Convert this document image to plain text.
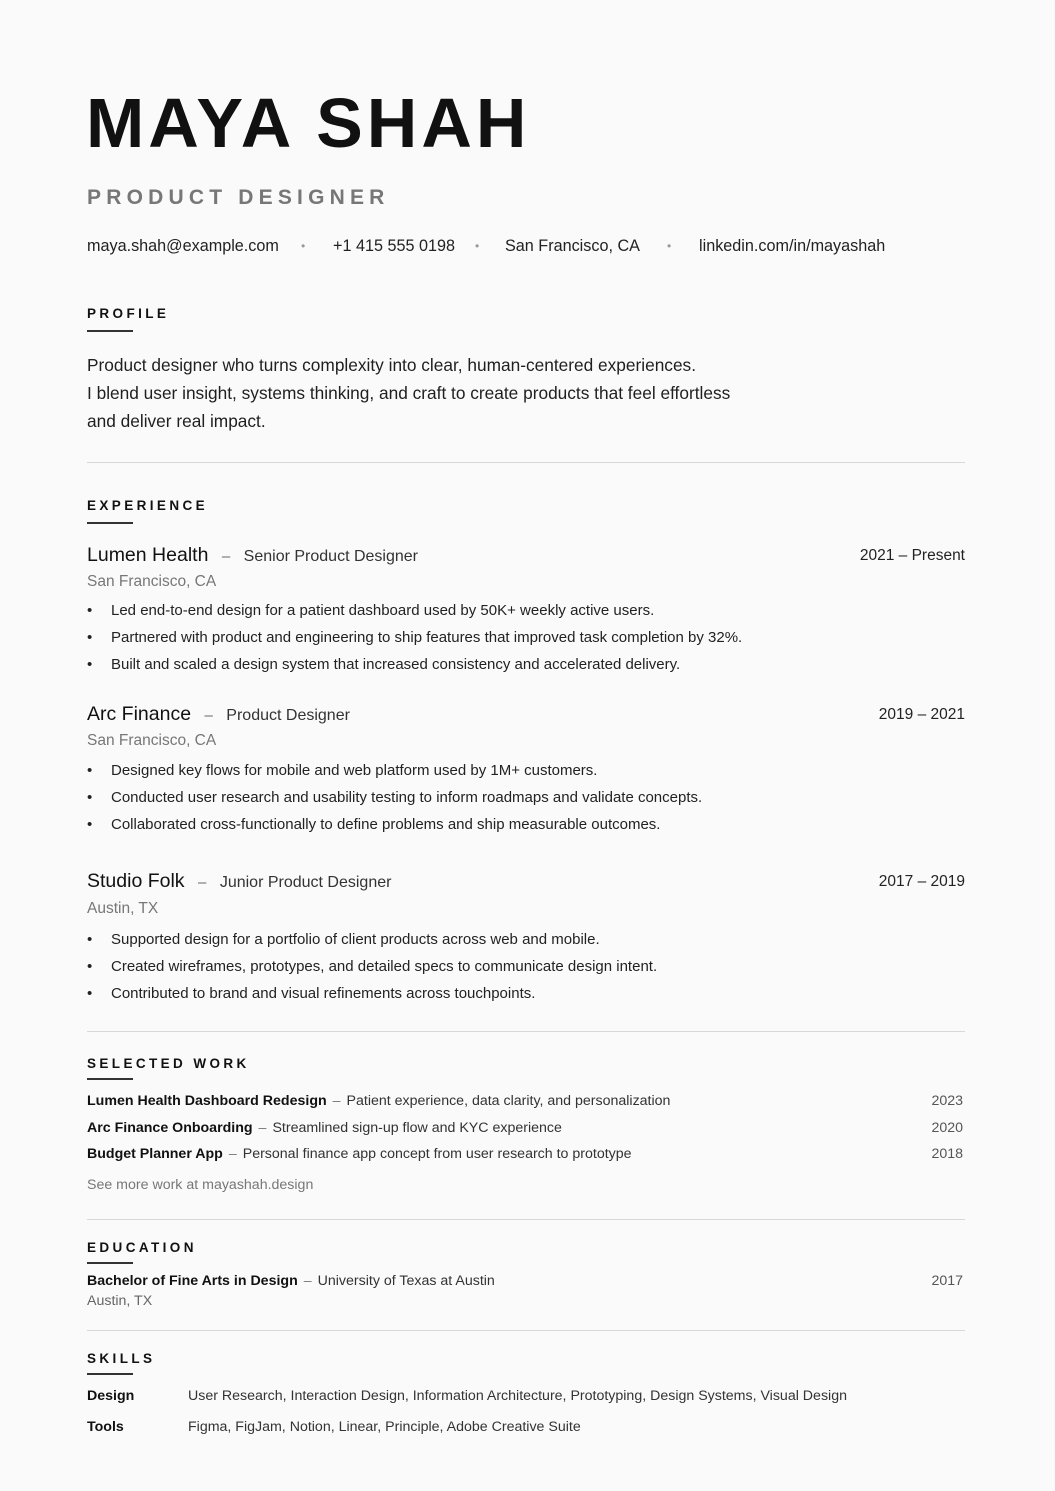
MAYA SHAH
PRODUCT DESIGNER
maya.shah@example.com • +1 415 555 0198 • San Francisco, CA • linkedin.com/in/mayashah
PROFILE
Product designer who turns complexity into clear, human-centered experiences.
I blend user insight, systems thinking, and craft to create products that feel effortless
and deliver real impact.
EXPERIENCE
Lumen Health – Senior Product Designer	2021 – Present
San Francisco, CA
• Led end-to-end design for a patient dashboard used by 50K+ weekly active users.
• Partnered with product and engineering to ship features that improved task completion by 32%.
• Built and scaled a design system that increased consistency and accelerated delivery.
Arc Finance – Product Designer	2019 – 2021
San Francisco, CA
• Designed key flows for mobile and web platform used by 1M+ customers.
• Conducted user research and usability testing to inform roadmaps and validate concepts.
• Collaborated cross-functionally to define problems and ship measurable outcomes.
Studio Folk – Junior Product Designer	2017 – 2019
Austin, TX
• Supported design for a portfolio of client products across web and mobile.
• Created wireframes, prototypes, and detailed specs to communicate design intent.
• Contributed to brand and visual refinements across touchpoints.
SELECTED WORK
Lumen Health Dashboard Redesign – Patient experience, data clarity, and personalization	2023
Arc Finance Onboarding – Streamlined sign-up flow and KYC experience	2020
Budget Planner App – Personal finance app concept from user research to prototype	2018
See more work at mayashah.design
EDUCATION
Bachelor of Fine Arts in Design – University of Texas at Austin	2017
Austin, TX
SKILLS
Design	User Research, Interaction Design, Information Architecture, Prototyping, Design Systems, Visual Design
Tools	Figma, FigJam, Notion, Linear, Principle, Adobe Creative Suite
